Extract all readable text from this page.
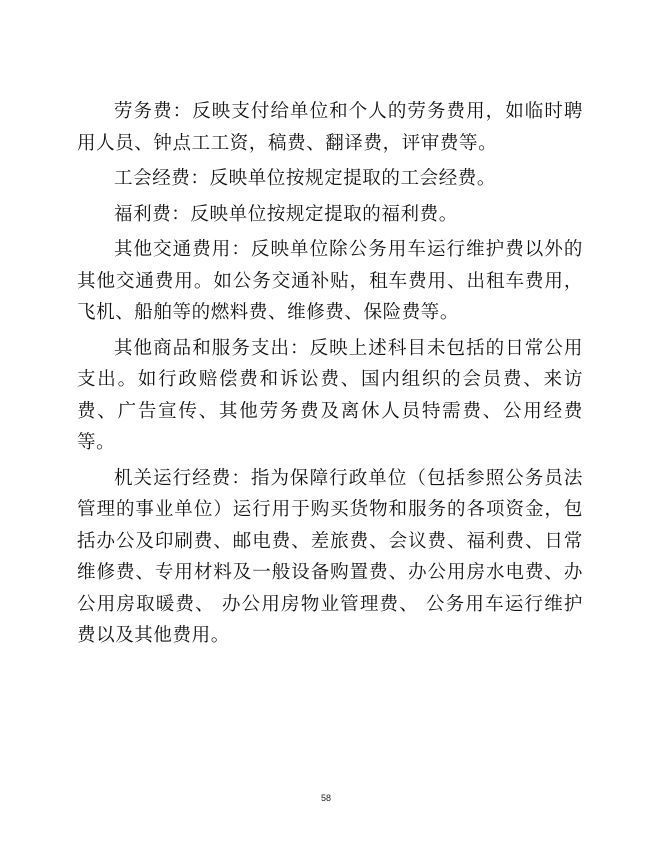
劳务费：反映支付给单位和个人的劳务费用，如临时聘用人员、钟点工工资，稿费、翻译费，评审费等。

工会经费：反映单位按规定提取的工会经费。

福利费：反映单位按规定提取的福利费。

其他交通费用：反映单位除公务用车运行维护费以外的其他交通费用。如公务交通补贴，租车费用、出租车费用，飞机、船舶等的燃料费、维修费、保险费等。

其他商品和服务支出：反映上述科目未包括的日常公用支出。如行政赔偿费和诉讼费、国内组织的会员费、来访费、广告宣传、其他劳务费及离休人员特需费、公用经费等。

机关运行经费：指为保障行政单位（包括参照公务员法管理的事业单位）运行用于购买货物和服务的各项资金，包括办公及印刷费、邮电费、差旅费、会议费、福利费、日常维修费、专用材料及一般设备购置费、办公用房水电费、办公用房取暖费、 办公用房物业管理费、 公务用车运行维护费以及其他费用。

58
